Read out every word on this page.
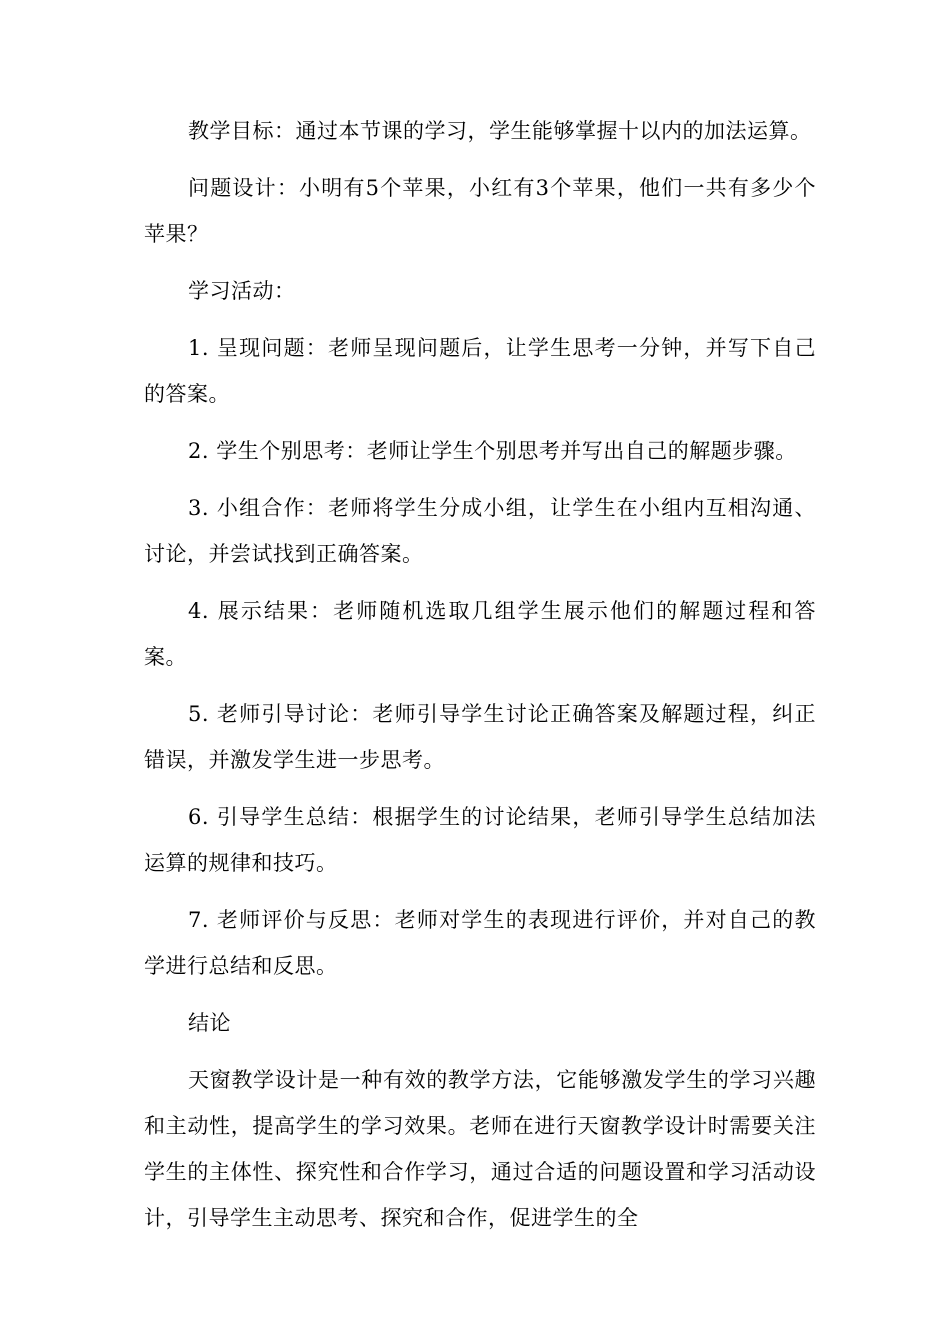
教学目标：通过本节课的学习，学生能够掌握十以内的加法运算。

问题设计：小明有5个苹果，小红有3个苹果，他们一共有多少个苹果？

学习活动：

1. 呈现问题：老师呈现问题后，让学生思考一分钟，并写下自己的答案。

2. 学生个别思考：老师让学生个别思考并写出自己的解题步骤。

3. 小组合作：老师将学生分成小组，让学生在小组内互相沟通、讨论，并尝试找到正确答案。

4. 展示结果：老师随机选取几组学生展示他们的解题过程和答案。

5. 老师引导讨论：老师引导学生讨论正确答案及解题过程，纠正错误，并激发学生进一步思考。

6. 引导学生总结：根据学生的讨论结果，老师引导学生总结加法运算的规律和技巧。

7. 老师评价与反思：老师对学生的表现进行评价，并对自己的教学进行总结和反思。

结论

天窗教学设计是一种有效的教学方法，它能够激发学生的学习兴趣和主动性，提高学生的学习效果。老师在进行天窗教学设计时需要关注学生的主体性、探究性和合作学习，通过合适的问题设置和学习活动设计，引导学生主动思考、探究和合作，促进学生的全
